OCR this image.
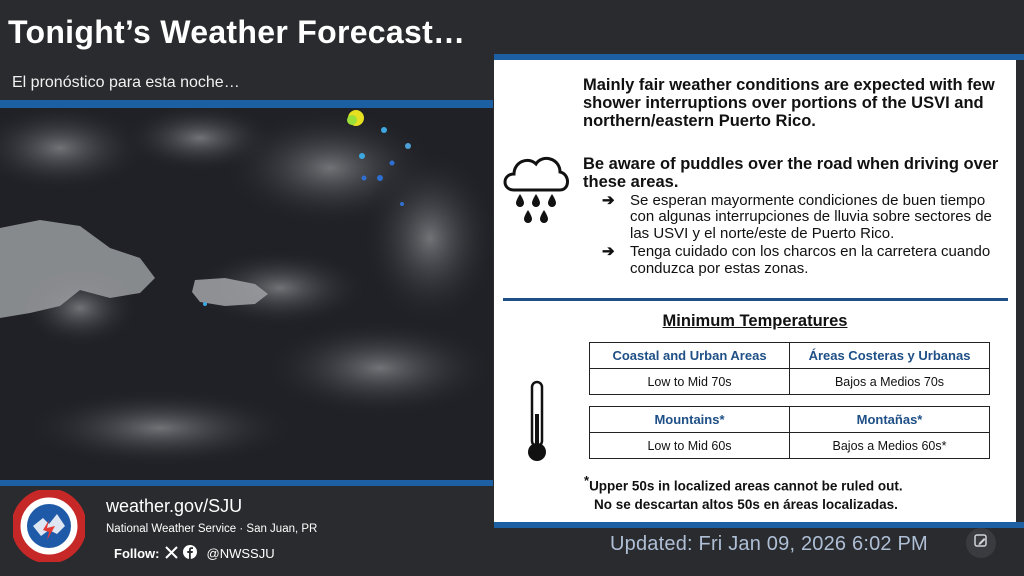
Tonight’s Weather Forecast…
El pronóstico para esta noche…	Mainly fair weather conditions are expected with few shower interruptions over portions of the USVI and northern/eastern Puerto Rico.
Be aware of puddles over the road when driving over these areas.
➔	Se esperan mayormente condiciones de buen tiempo con algunas interrupciones de lluvia sobre sectores de las USVI y el norte/este de Puerto Rico.
➔	Tenga cuidado con los charcos en la carretera cuando conduzca por estas zonas.
Minimum Temperatures
Coastal and Urban Areas	Áreas Costeras y Urbanas
Low to Mid 70s	Bajos a Medios 70s
Mountains*	Montañas*
Low to Mid 60s	Bajos a Medios 60s*
*Upper 50s in localized areas cannot be ruled out.
No se descartan altos 50s en áreas localizadas.
weather.gov/SJU
National Weather Service · San Juan, PR
Follow:	@NWSSJU	Updated: Fri Jan 09, 2026 6:02 PM
